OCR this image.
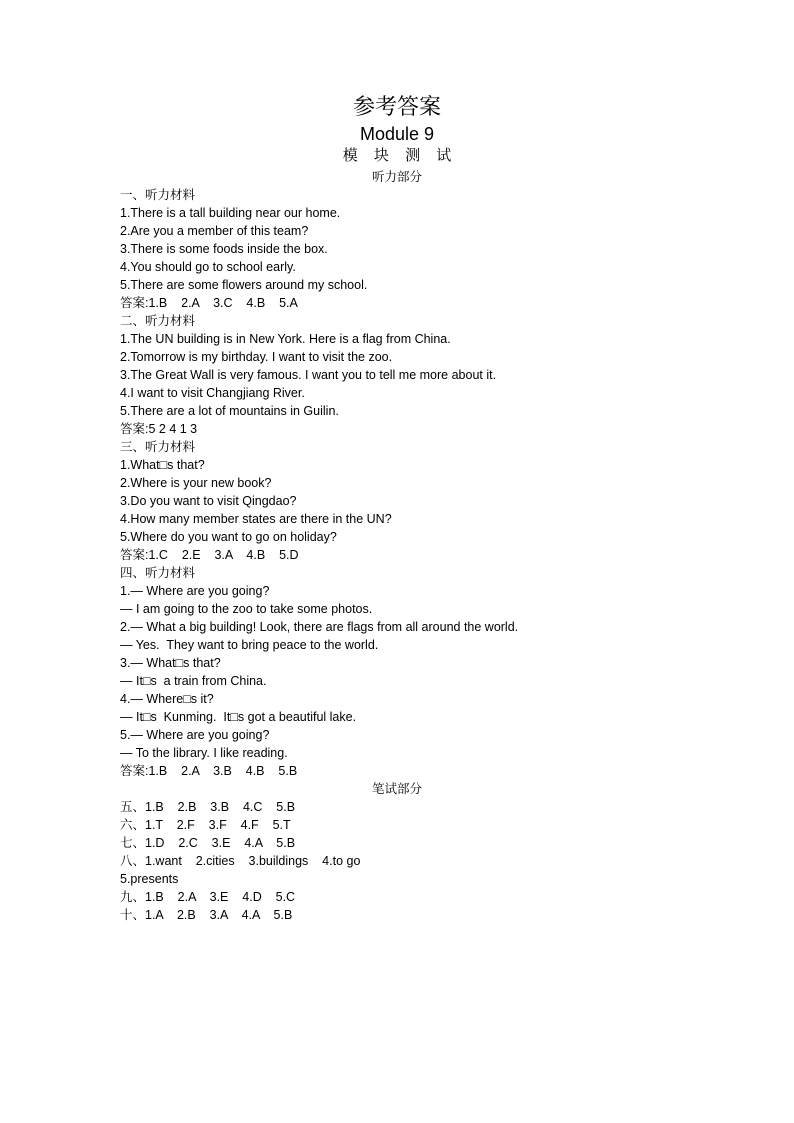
参考答案
Module 9
模 块 测 试
听力部分
一、听力材料
1.There is a tall building near our home.
2.Are you a member of this team?
3.There is some foods inside the box.
4.You should go to school early.
5.There are some flowers around my school.
答案:1.B    2.A    3.C    4.B    5.A
二、听力材料
1.The UN building is in New York. Here is a flag from China.
2.Tomorrow is my birthday. I want to visit the zoo.
3.The Great Wall is very famous. I want you to tell me more about it.
4.I want to visit Changjiang River.
5.There are a lot of mountains in Guilin.
答案:5 2 4 1 3
三、听力材料
1.What□s that?
2.Where is your new book?
3.Do you want to visit Qingdao?
4.How many member states are there in the UN?
5.Where do you want to go on holiday?
答案:1.C    2.E    3.A    4.B    5.D
四、听力材料
1.— Where are you going?
— I am going to the zoo to take some photos.
2.— What a big building! Look, there are flags from all around the world.
— Yes.  They want to bring peace to the world.
3.— What□s that?
— It□s  a train from China.
4.— Where□s it?
— It□s  Kunming.  It□s got a beautiful lake.
5.— Where are you going?
— To the library. I like reading.
答案:1.B    2.A    3.B    4.B    5.B
笔试部分
五、1.B    2.B    3.B    4.C    5.B
六、1.T    2.F    3.F    4.F    5.T
七、1.D    2.C    3.E    4.A    5.B
八、1.want    2.cities    3.buildings    4.to go
5.presents
九、1.B    2.A    3.E    4.D    5.C
十、1.A    2.B    3.A    4.A    5.B
